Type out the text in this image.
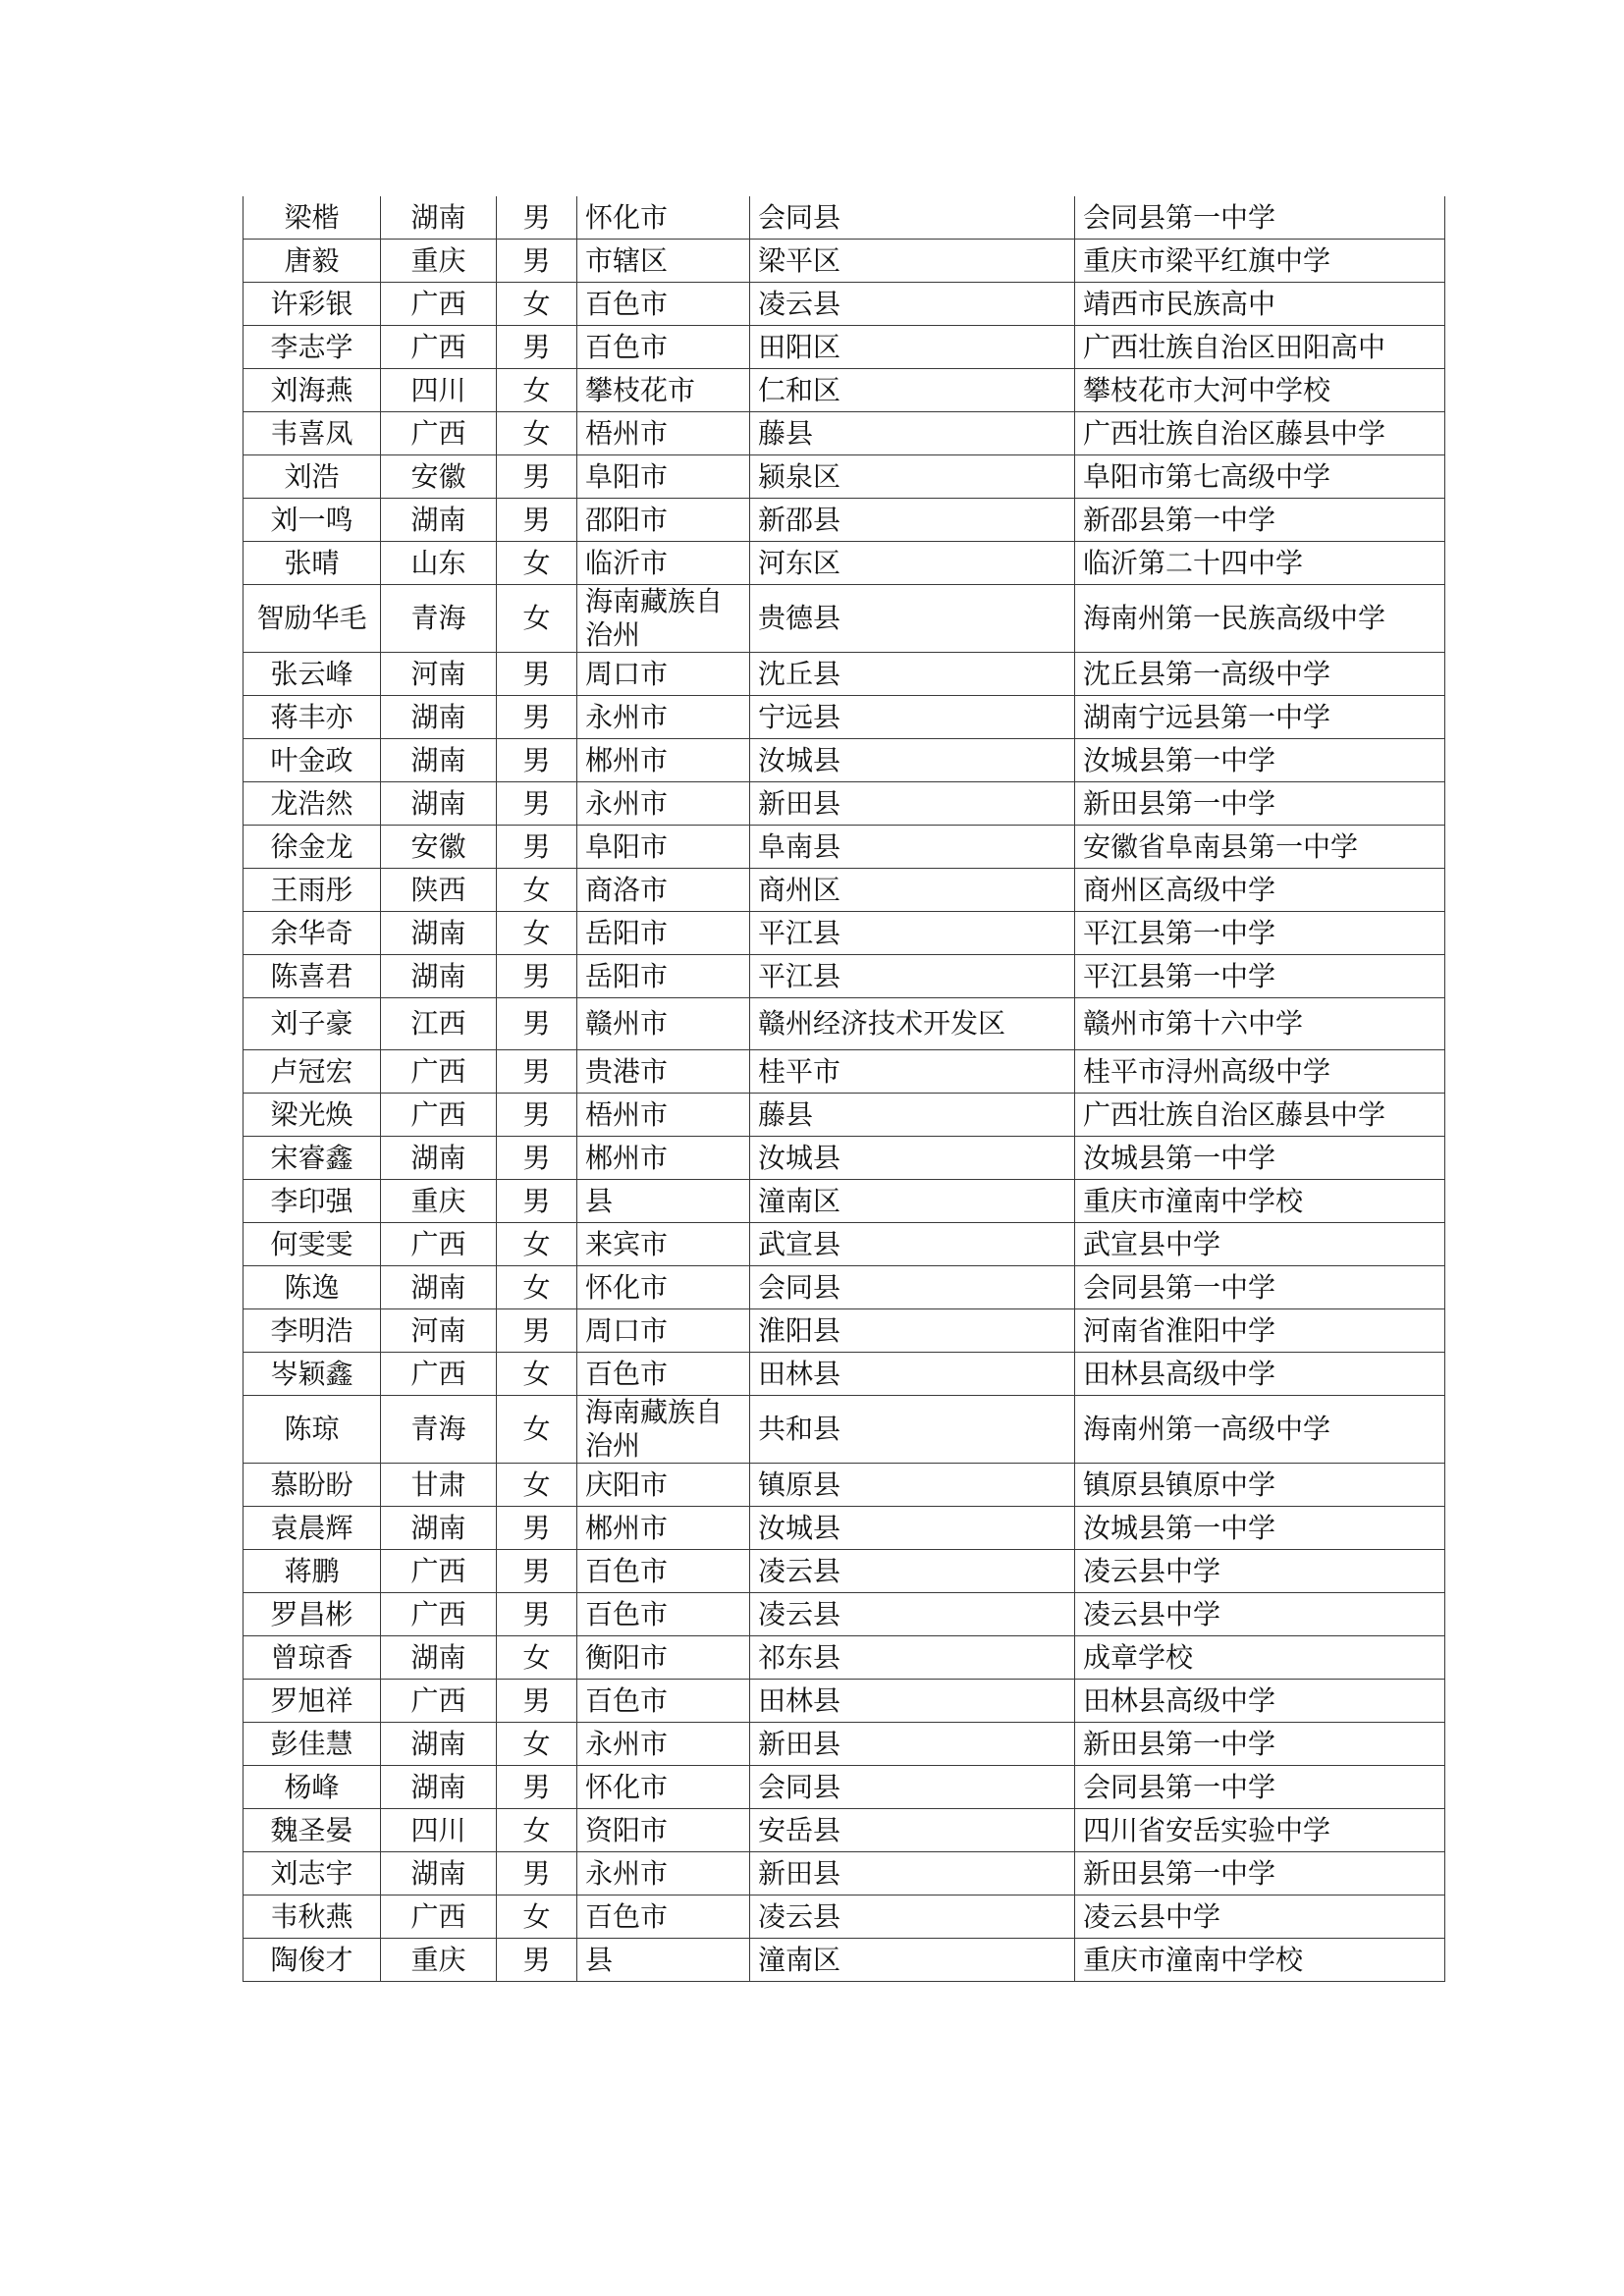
梁楷	湖南	男	怀化市	会同县	会同县第一中学
唐毅	重庆	男	市辖区	梁平区	重庆市梁平红旗中学
许彩银	广西	女	百色市	凌云县	靖西市民族高中
李志学	广西	男	百色市	田阳区	广西壮族自治区田阳高中
刘海燕	四川	女	攀枝花市	仁和区	攀枝花市大河中学校
韦喜凤	广西	女	梧州市	藤县	广西壮族自治区藤县中学
刘浩	安徽	男	阜阳市	颍泉区	阜阳市第七高级中学
刘一鸣	湖南	男	邵阳市	新邵县	新邵县第一中学
张晴	山东	女	临沂市	河东区	临沂第二十四中学
智励华毛	青海	女	海南藏族自治州	贵德县	海南州第一民族高级中学
张云峰	河南	男	周口市	沈丘县	沈丘县第一高级中学
蒋丰亦	湖南	男	永州市	宁远县	湖南宁远县第一中学
叶金政	湖南	男	郴州市	汝城县	汝城县第一中学
龙浩然	湖南	男	永州市	新田县	新田县第一中学
徐金龙	安徽	男	阜阳市	阜南县	安徽省阜南县第一中学
王雨彤	陕西	女	商洛市	商州区	商州区高级中学
余华奇	湖南	女	岳阳市	平江县	平江县第一中学
陈喜君	湖南	男	岳阳市	平江县	平江县第一中学
刘子豪	江西	男	赣州市	赣州经济技术开发区	赣州市第十六中学
卢冠宏	广西	男	贵港市	桂平市	桂平市浔州高级中学
梁光焕	广西	男	梧州市	藤县	广西壮族自治区藤县中学
宋睿鑫	湖南	男	郴州市	汝城县	汝城县第一中学
李印强	重庆	男	县	潼南区	重庆市潼南中学校
何雯雯	广西	女	来宾市	武宣县	武宣县中学
陈逸	湖南	女	怀化市	会同县	会同县第一中学
李明浩	河南	男	周口市	淮阳县	河南省淮阳中学
岑颖鑫	广西	女	百色市	田林县	田林县高级中学
陈琼	青海	女	海南藏族自治州	共和县	海南州第一高级中学
慕盼盼	甘肃	女	庆阳市	镇原县	镇原县镇原中学
袁晨辉	湖南	男	郴州市	汝城县	汝城县第一中学
蒋鹏	广西	男	百色市	凌云县	凌云县中学
罗昌彬	广西	男	百色市	凌云县	凌云县中学
曾琼香	湖南	女	衡阳市	祁东县	成章学校
罗旭祥	广西	男	百色市	田林县	田林县高级中学
彭佳慧	湖南	女	永州市	新田县	新田县第一中学
杨峰	湖南	男	怀化市	会同县	会同县第一中学
魏圣晏	四川	女	资阳市	安岳县	四川省安岳实验中学
刘志宇	湖南	男	永州市	新田县	新田县第一中学
韦秋燕	广西	女	百色市	凌云县	凌云县中学
陶俊才	重庆	男	县	潼南区	重庆市潼南中学校
